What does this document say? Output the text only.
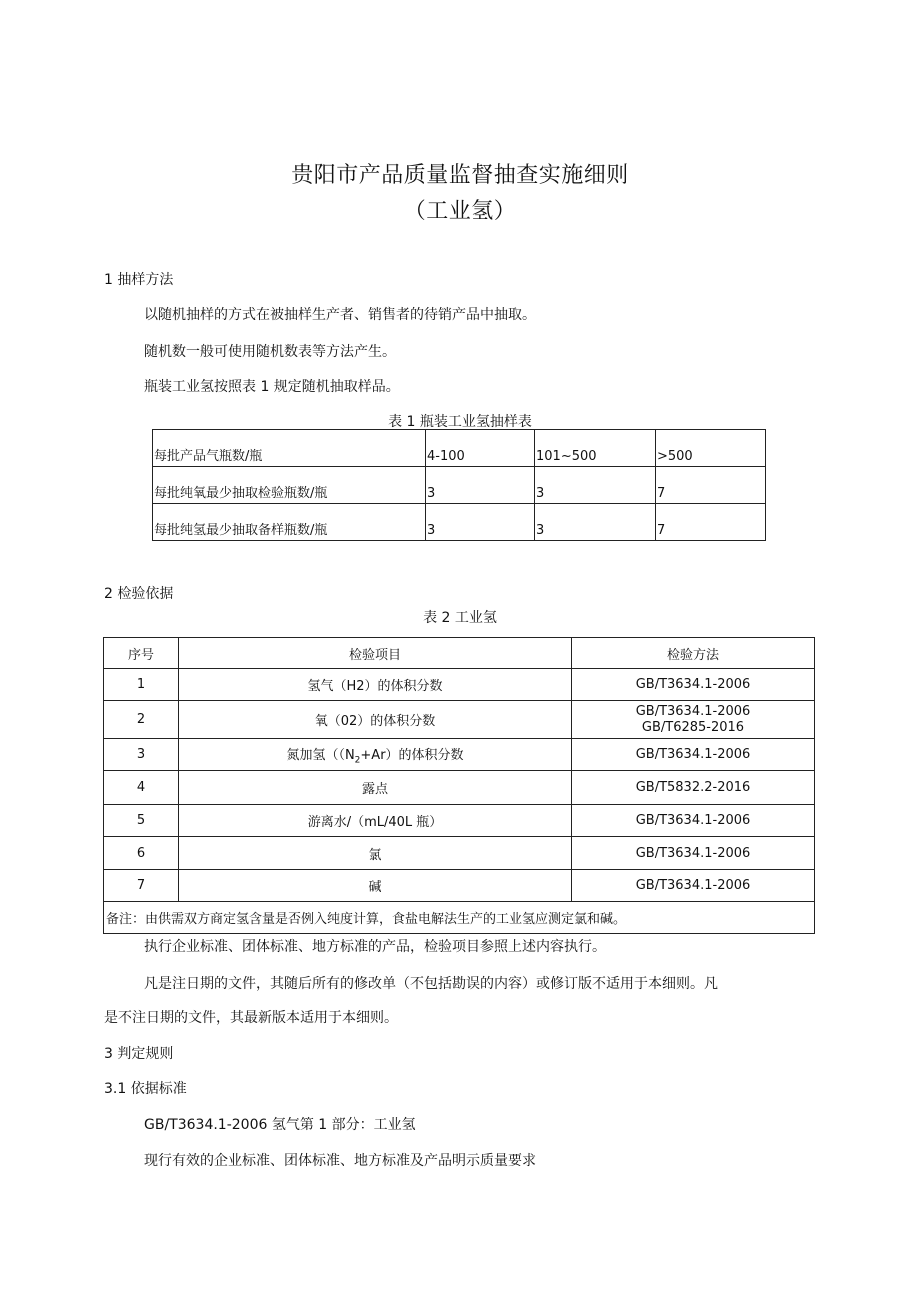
贵阳市产品质量监督抽查实施细则
（工业氢）
1 抽样方法
以随机抽样的方式在被抽样生产者、销售者的待销产品中抽取。
随机数一般可使用随机数表等方法产生。
瓶装工业氢按照表 1 规定随机抽取样品。
表 1 瓶装工业氢抽样表
每批产品气瓶数/瓶	4-100	101~500	>500
每批纯氧最少抽取检验瓶数/瓶	3	3	7
每批纯氢最少抽取备样瓶数/瓶	3	3	7
2 检验依据
表 2 工业氢
序号	检验项目	检验方法
1	氢气（H2）的体积分数	GB/T3634.1-2006
2	氧（02）的体积分数	GB/T3634.1-2006
GB/T6285-2016

3	氮加氢（$(N_2+Ar)$的体积分数	GB/T3634.1-2006
4	露点	GB/T5832.2-2016
5	游离水/（mL/40L 瓶）	GB/T3634.1-2006
6	氯	GB/T3634.1-2006
7	碱	GB/T3634.1-2006
备注：由供需双方商定氢含量是否例入纯度计算，食盐电解法生产的工业氢应测定氯和碱。		
执行企业标准、团体标准、地方标准的产品，检验项目参照上述内容执行。
凡是注日期的文件，其随后所有的修改单（不包括勘误的内容）或修订版不适用于本细则。凡
是不注日期的文件，其最新版本适用于本细则。
3 判定规则
3.1 依据标准
GB/T3634.1-2006 氢气第 1 部分：工业氢
现行有效的企业标准、团体标准、地方标准及产品明示质量要求
